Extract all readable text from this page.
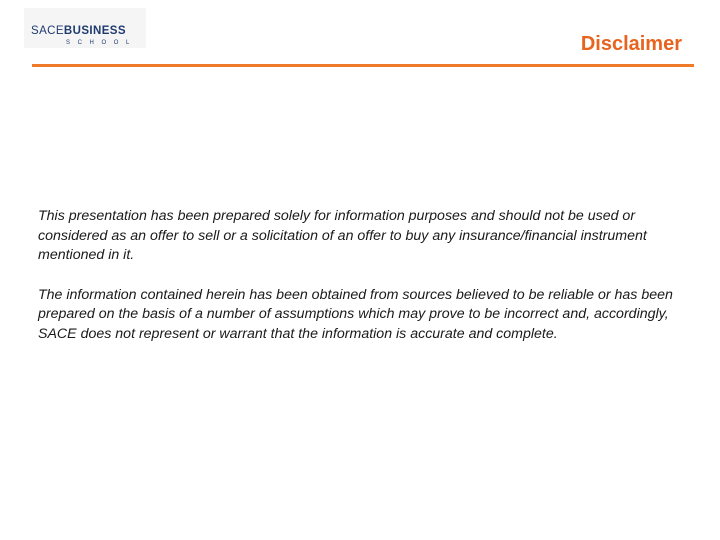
SACEBUSINESS
SCHOOL	Disclaimer

This presentation has been prepared solely for information purposes and should not be used or considered as an offer to sell or a solicitation of an offer to buy any insurance/financial instrument mentioned in it.

The information contained herein has been obtained from sources believed to be reliable or has been prepared on the basis of a number of assumptions which may prove to be incorrect and, accordingly, SACE does not represent or warrant that the information is accurate and complete.
